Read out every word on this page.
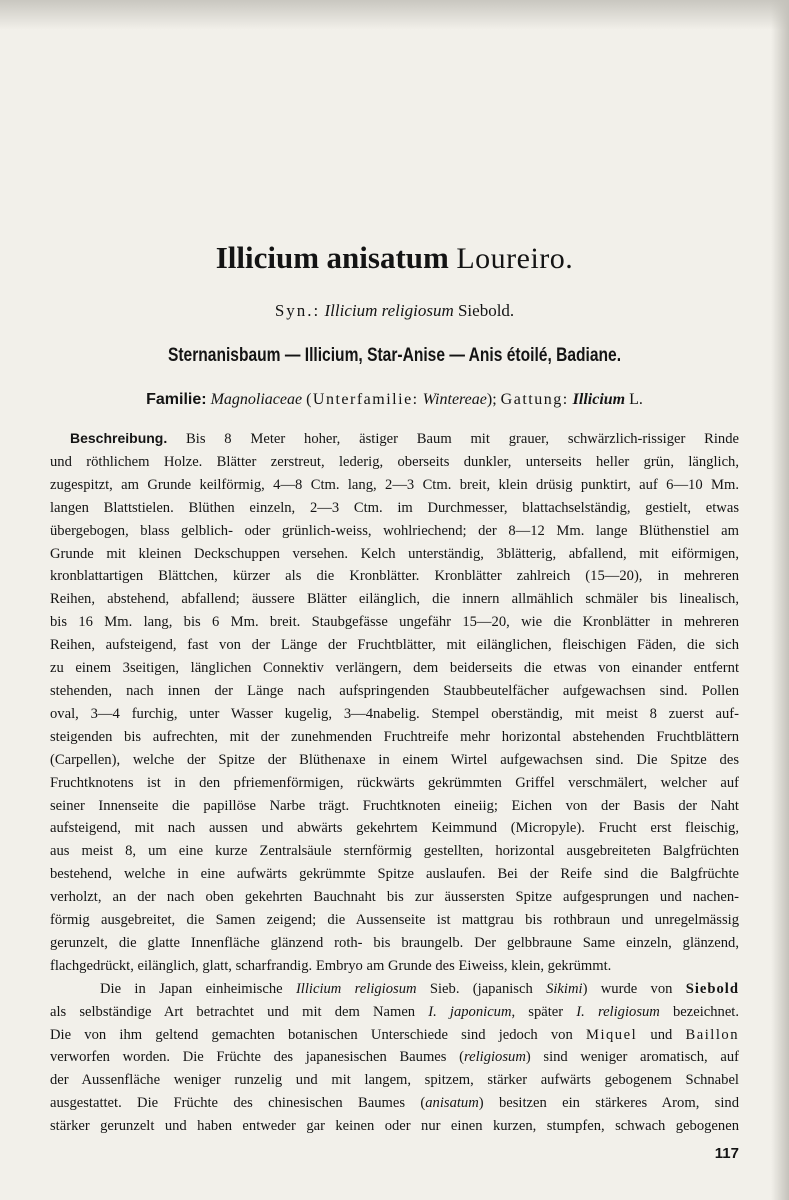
Illicium anisatum Loureiro.
Syn.: Illicium religiosum Siebold.
Sternanisbaum — Illicium, Star-Anise — Anis étoilé, Badiane.
Familie: Magnoliaceae (Unterfamilie: Wintereae); Gattung: Illicium L.

Beschreibung. Bis 8 Meter hoher, ästiger Baum mit grauer, schwärzlich-rissiger Rinde

und röthlichem Holze. Blätter zerstreut, lederig, oberseits dunkler, unterseits heller grün, länglich,

zugespitzt, am Grunde keilförmig, 4—8 Ctm. lang, 2—3 Ctm. breit, klein drüsig punktirt, auf 6—10 Mm.

langen Blattstielen. Blüthen einzeln, 2—3 Ctm. im Durchmesser, blattachselständig, gestielt, etwas

übergebogen, blass gelblich- oder grünlich-weiss, wohlriechend; der 8—12 Mm. lange Blüthenstiel am

Grunde mit kleinen Deckschuppen versehen. Kelch unterständig, 3blätterig, abfallend, mit eiförmigen,

kronblattartigen Blättchen, kürzer als die Kronblätter. Kronblätter zahlreich (15—20), in mehreren

Reihen, abstehend, abfallend; äussere Blätter eilänglich, die innern allmählich schmäler bis linealisch,

bis 16 Mm. lang, bis 6 Mm. breit. Staubgefässe ungefähr 15—20, wie die Kronblätter in mehreren

Reihen, aufsteigend, fast von der Länge der Fruchtblätter, mit eilänglichen, fleischigen Fäden, die sich

zu einem 3seitigen, länglichen Connektiv verlängern, dem beiderseits die etwas von einander entfernt

stehenden, nach innen der Länge nach aufspringenden Staubbeutelfächer aufgewachsen sind. Pollen

oval, 3—4 furchig, unter Wasser kugelig, 3—4nabelig. Stempel oberständig, mit meist 8 zuerst auf-

steigenden bis aufrechten, mit der zunehmenden Fruchtreife mehr horizontal abstehenden Fruchtblättern

(Carpellen), welche der Spitze der Blüthenaxe in einem Wirtel aufgewachsen sind. Die Spitze des

Fruchtknotens ist in den pfriemenförmigen, rückwärts gekrümmten Griffel verschmälert, welcher auf

seiner Innenseite die papillöse Narbe trägt. Fruchtknoten eineiig; Eichen von der Basis der Naht

aufsteigend, mit nach aussen und abwärts gekehrtem Keimmund (Micropyle). Frucht erst fleischig,

aus meist 8, um eine kurze Zentralsäule sternförmig gestellten, horizontal ausgebreiteten Balgfrüchten

bestehend, welche in eine aufwärts gekrümmte Spitze auslaufen. Bei der Reife sind die Balgfrüchte

verholzt, an der nach oben gekehrten Bauchnaht bis zur äussersten Spitze aufgesprungen und nachen-

förmig ausgebreitet, die Samen zeigend; die Aussenseite ist mattgrau bis rothbraun und unregelmässig

gerunzelt, die glatte Innenfläche glänzend roth- bis braungelb. Der gelbbraune Same einzeln, glänzend,

flachgedrückt, eilänglich, glatt, scharfrandig. Embryo am Grunde des Eiweiss, klein, gekrümmt.

Die in Japan einheimische Illicium religiosum Sieb. (japanisch Sikimi) wurde von Siebold

als selbständige Art betrachtet und mit dem Namen I. japonicum, später I. religiosum bezeichnet.

Die von ihm geltend gemachten botanischen Unterschiede sind jedoch von Miquel und Baillon

verworfen worden. Die Früchte des japanesischen Baumes (religiosum) sind weniger aromatisch, auf

der Aussenfläche weniger runzelig und mit langem, spitzem, stärker aufwärts gebogenem Schnabel

ausgestattet. Die Früchte des chinesischen Baumes (anisatum) besitzen ein stärkeres Arom, sind

stärker gerunzelt und haben entweder gar keinen oder nur einen kurzen, stumpfen, schwach gebogenen

117
